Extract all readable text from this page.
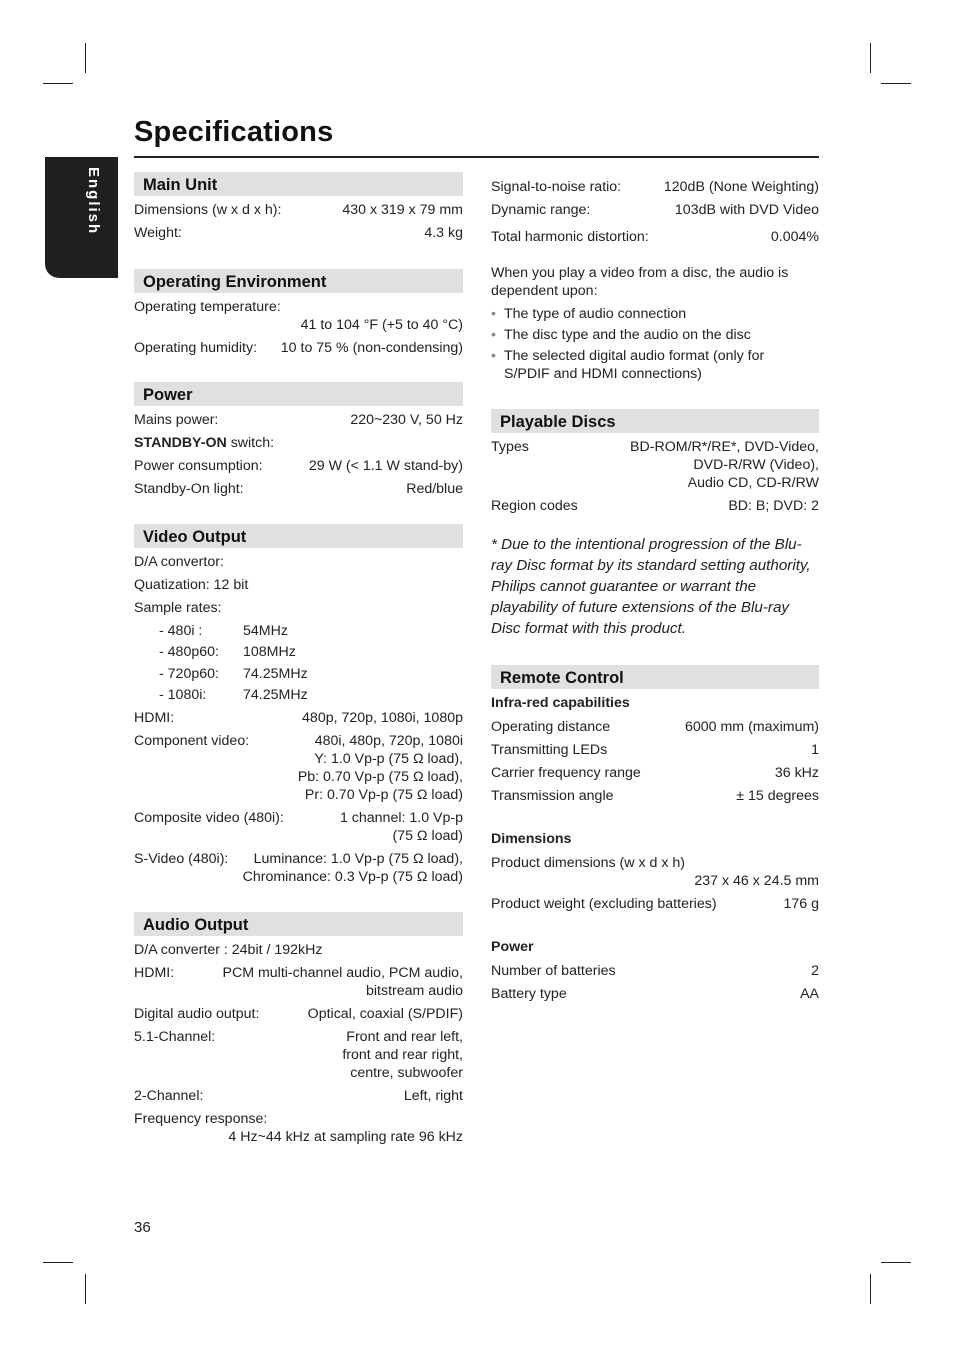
Specifications
English	Main Unit
Dimensions (w x d x h):	430 x 319 x 79 mm
Weight:	4.3 kg
Operating Environment
Operating temperature:
41 to 104 °F (+5 to 40 °C)
Operating humidity: 10 to 75 % (non-condensing)
Power
Mains power:	220~230 V, 50 Hz
STANDBY-ON switch:
Power consumption:	29 W (< 1.1 W stand-by)
Standby-On light:	Red/blue
Video Output
D/A convertor:
Quatization: 12 bit
Sample rates:
- 480i :	54MHz
- 480p60:	108MHz
- 720p60:	74.25MHz
- 1080i:	74.25MHz
HDMI:	480p, 720p, 1080i, 1080p
Component video:	480i, 480p, 720p, 1080i
Y: 1.0 Vp-p (75 Ω load),
Pb: 0.70 Vp-p (75 Ω load),
Pr: 0.70 Vp-p (75 Ω load)
Composite video (480i):	1 channel: 1.0 Vp-p
(75 Ω load)
S-Video (480i): Luminance: 1.0 Vp-p (75 Ω load),
Chrominance: 0.3 Vp-p (75 Ω load)
Audio Output
D/A converter : 24bit / 192kHz
HDMI:	PCM multi-channel audio, PCM audio,
bitstream audio
Digital audio output:	Optical, coaxial (S/PDIF)
5.1-Channel:	Front and rear left,
front and rear right,
centre, subwoofer
2-Channel:	Left, right
Frequency response:
4 Hz~44 kHz at sampling rate 96 kHz
Signal-to-noise ratio:	120dB (None Weighting)
Dynamic range:	103dB with DVD Video
Total harmonic distortion:	0.004%
When you play a video from a disc, the audio is dependent upon:
• The type of audio connection
• The disc type and the audio on the disc
• The selected digital audio format (only for S/PDIF and HDMI connections)
Playable Discs
Types	BD-ROM/R*/RE*, DVD-Video,
DVD-R/RW (Video),
Audio CD, CD-R/RW
Region codes	BD: B; DVD: 2
* Due to the intentional progression of the Blu-ray Disc format by its standard setting authority, Philips cannot guarantee or warrant the playability of future extensions of the Blu-ray Disc format with this product.
Remote Control
Infra-red capabilities
Operating distance	6000 mm (maximum)
Transmitting LEDs	1
Carrier frequency range	36 kHz
Transmission angle	± 15 degrees
Dimensions
Product dimensions (w x d x h)
237 x 46 x 24.5 mm
Product weight (excluding batteries)	176 g
Power
Number of batteries	2
Battery type	AA
36
